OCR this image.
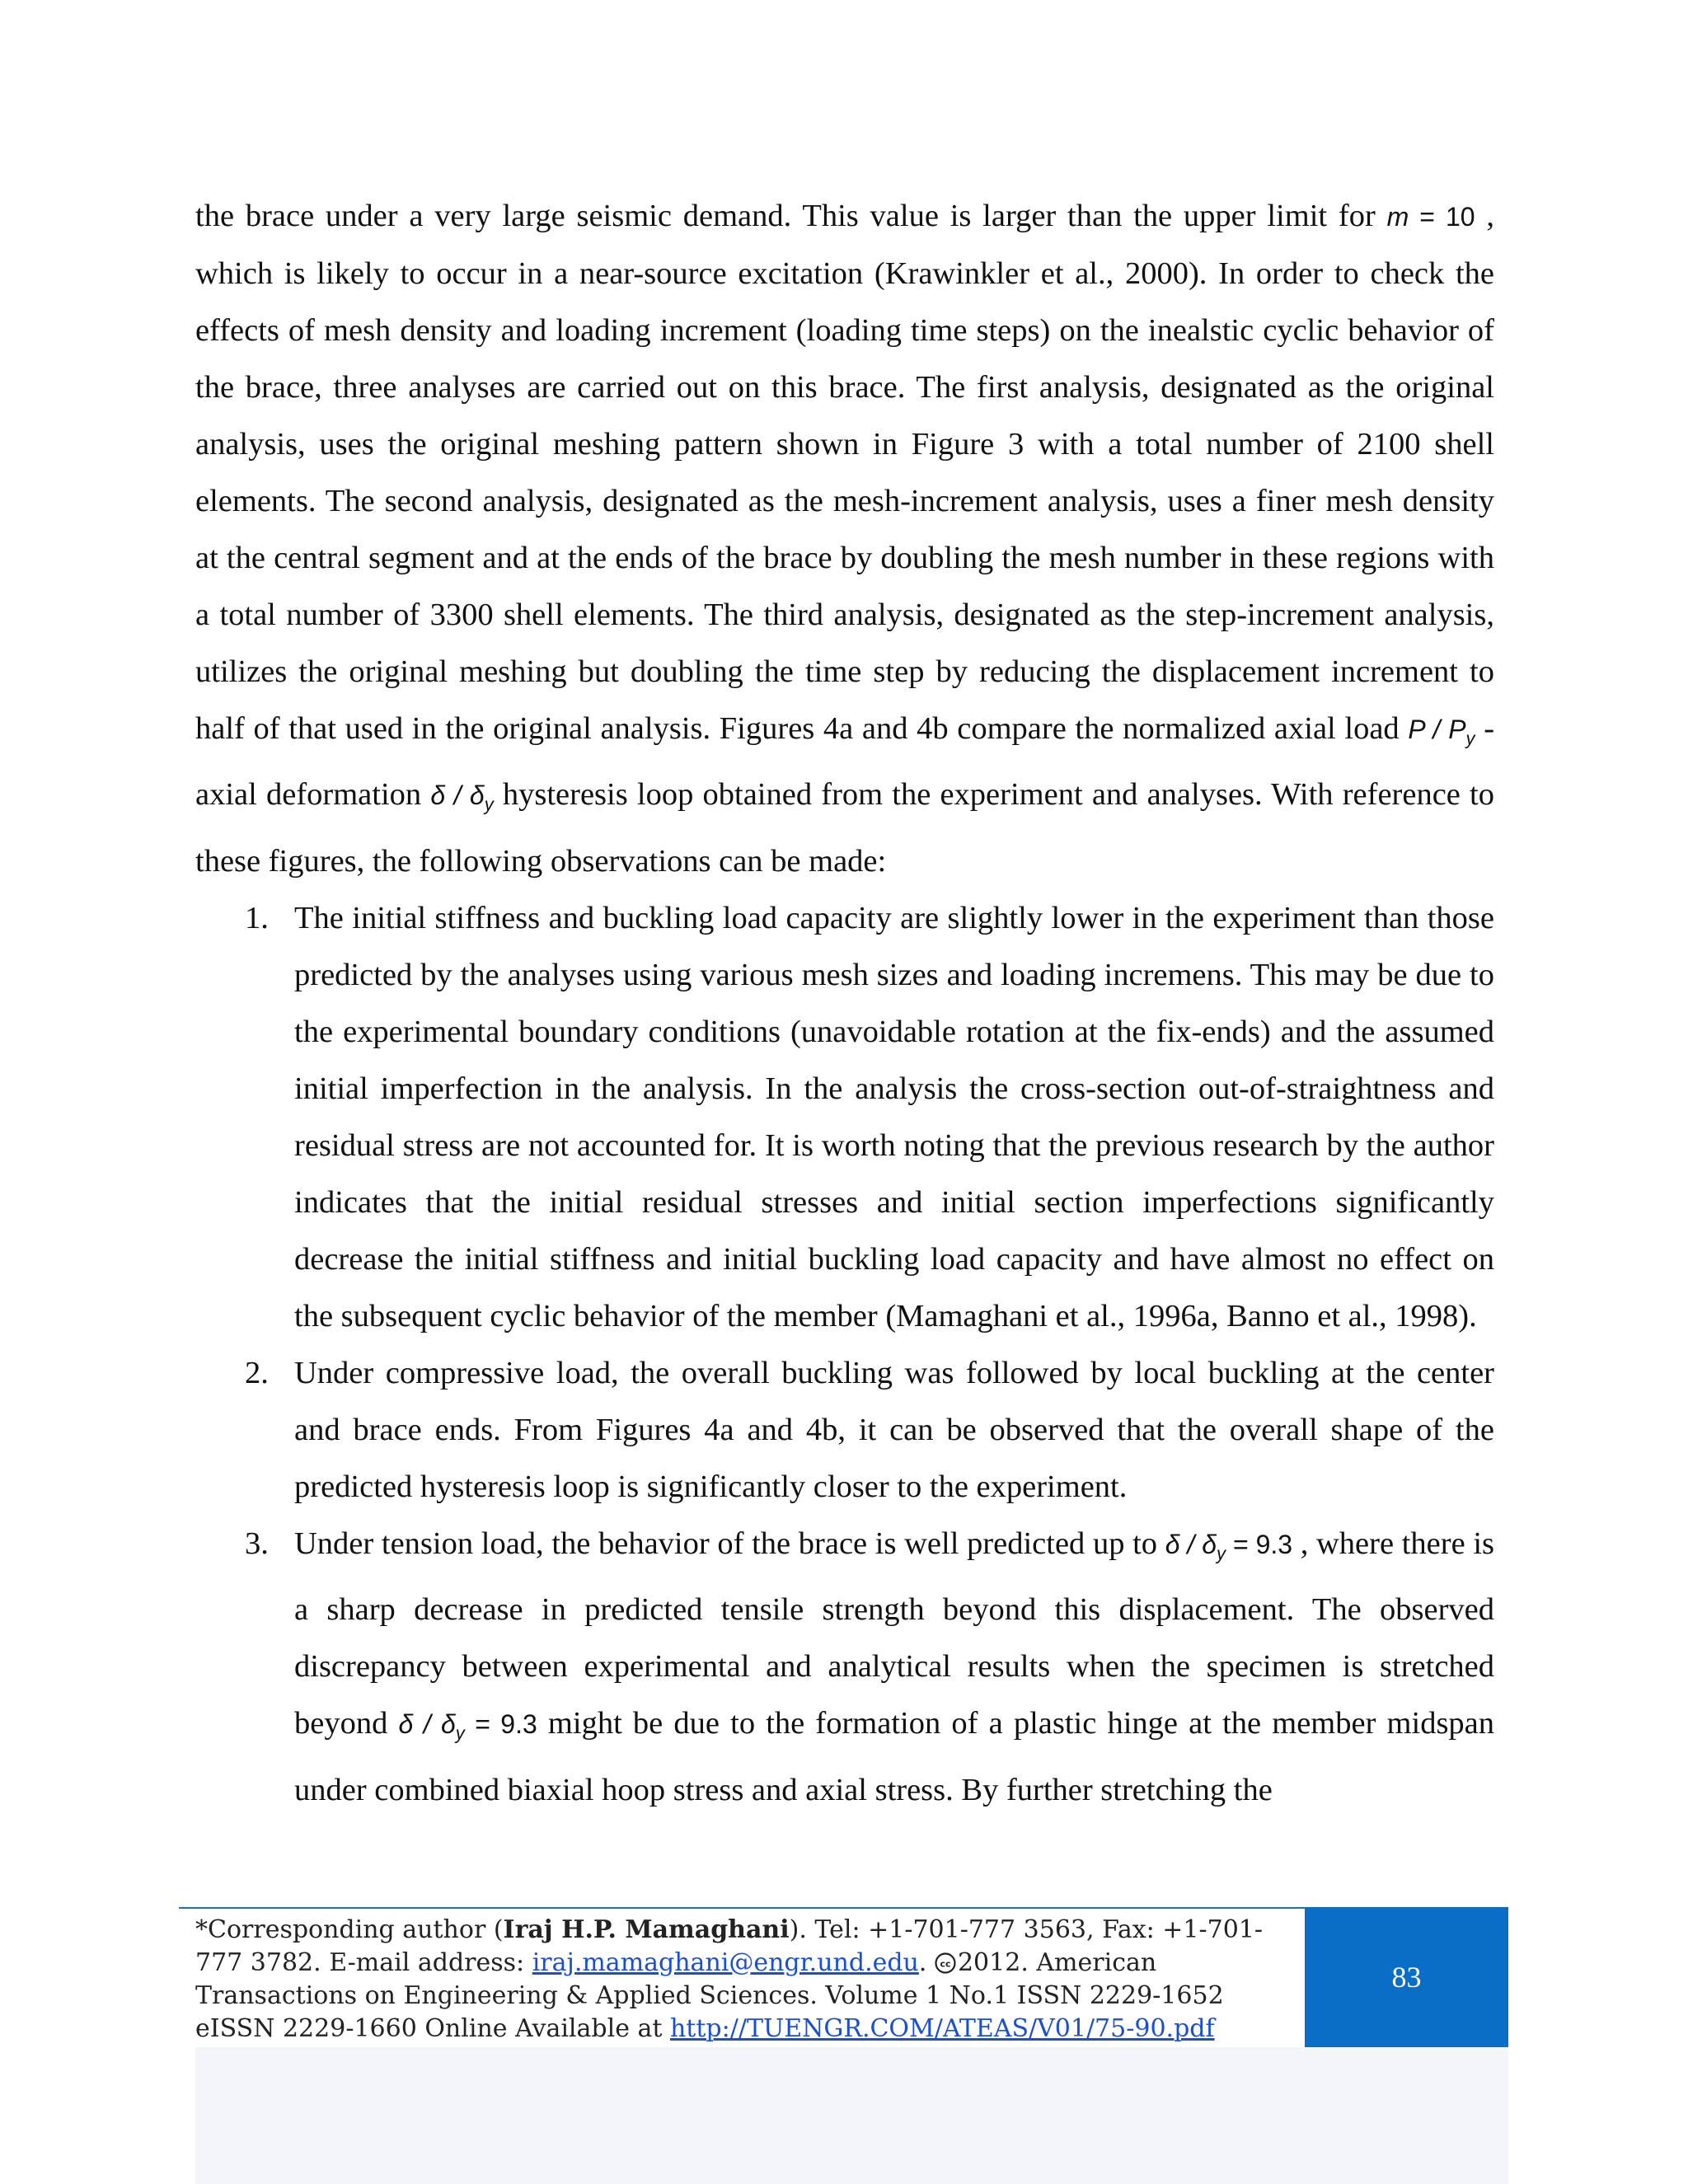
the brace under a very large seismic demand. This value is larger than the upper limit for m = 10 , which is likely to occur in a near-source excitation (Krawinkler et al., 2000). In order to check the effects of mesh density and loading increment (loading time steps) on the inealstic cyclic behavior of the brace, three analyses are carried out on this brace. The first analysis, designated as the original analysis, uses the original meshing pattern shown in Figure 3 with a total number of 2100 shell elements. The second analysis, designated as the mesh-increment analysis, uses a finer mesh density at the central segment and at the ends of the brace by doubling the mesh number in these regions with a total number of 3300 shell elements. The third analysis, designated as the step-increment analysis, utilizes the original meshing but doubling the time step by reducing the displacement increment to half of that used in the original analysis. Figures 4a and 4b compare the normalized axial load P / $P_y$ -axial deformation δ / $\delta_y$ hysteresis loop obtained from the experiment and analyses. With reference to these figures, the following observations can be made:

1. The initial stiffness and buckling load capacity are slightly lower in the experiment than those predicted by the analyses using various mesh sizes and loading incremens. This may be due to the experimental boundary conditions (unavoidable rotation at the fix-ends) and the assumed initial imperfection in the analysis. In the analysis the cross-section out-of-straightness and residual stress are not accounted for. It is worth noting that the previous research by the author indicates that the initial residual stresses and initial section imperfections significantly decrease the initial stiffness and initial buckling load capacity and have almost no effect on the subsequent cyclic behavior of the member (Mamaghani et al., 1996a, Banno et al., 1998).
2. Under compressive load, the overall buckling was followed by local buckling at the center and brace ends. From Figures 4a and 4b, it can be observed that the overall shape of the predicted hysteresis loop is significantly closer to the experiment.
3. Under tension load, the behavior of the brace is well predicted up to $\delta / \delta_y = 9.3$ , where there is a sharp decrease in predicted tensile strength beyond this displacement. The observed discrepancy between experimental and analytical results when the specimen is stretched beyond $\delta / \delta_y = 9.3$ might be due to the formation of a plastic hinge at the member midspan under combined biaxial hoop stress and axial stress. By further stretching the
*Corresponding author (Iraj H.P. Mamaghani). Tel: +1-701-777 3563, Fax: +1-701-777 3782. E-mail address: iraj.mamaghani@engr.und.edu. cc 2012. American Transactions on Engineering & Applied Sciences. Volume 1 No.1 ISSN 2229-1652 eISSN 2229-1660 Online Available at http://TUENGR.COM/ATEAS/V01/75-90.pdf
83
